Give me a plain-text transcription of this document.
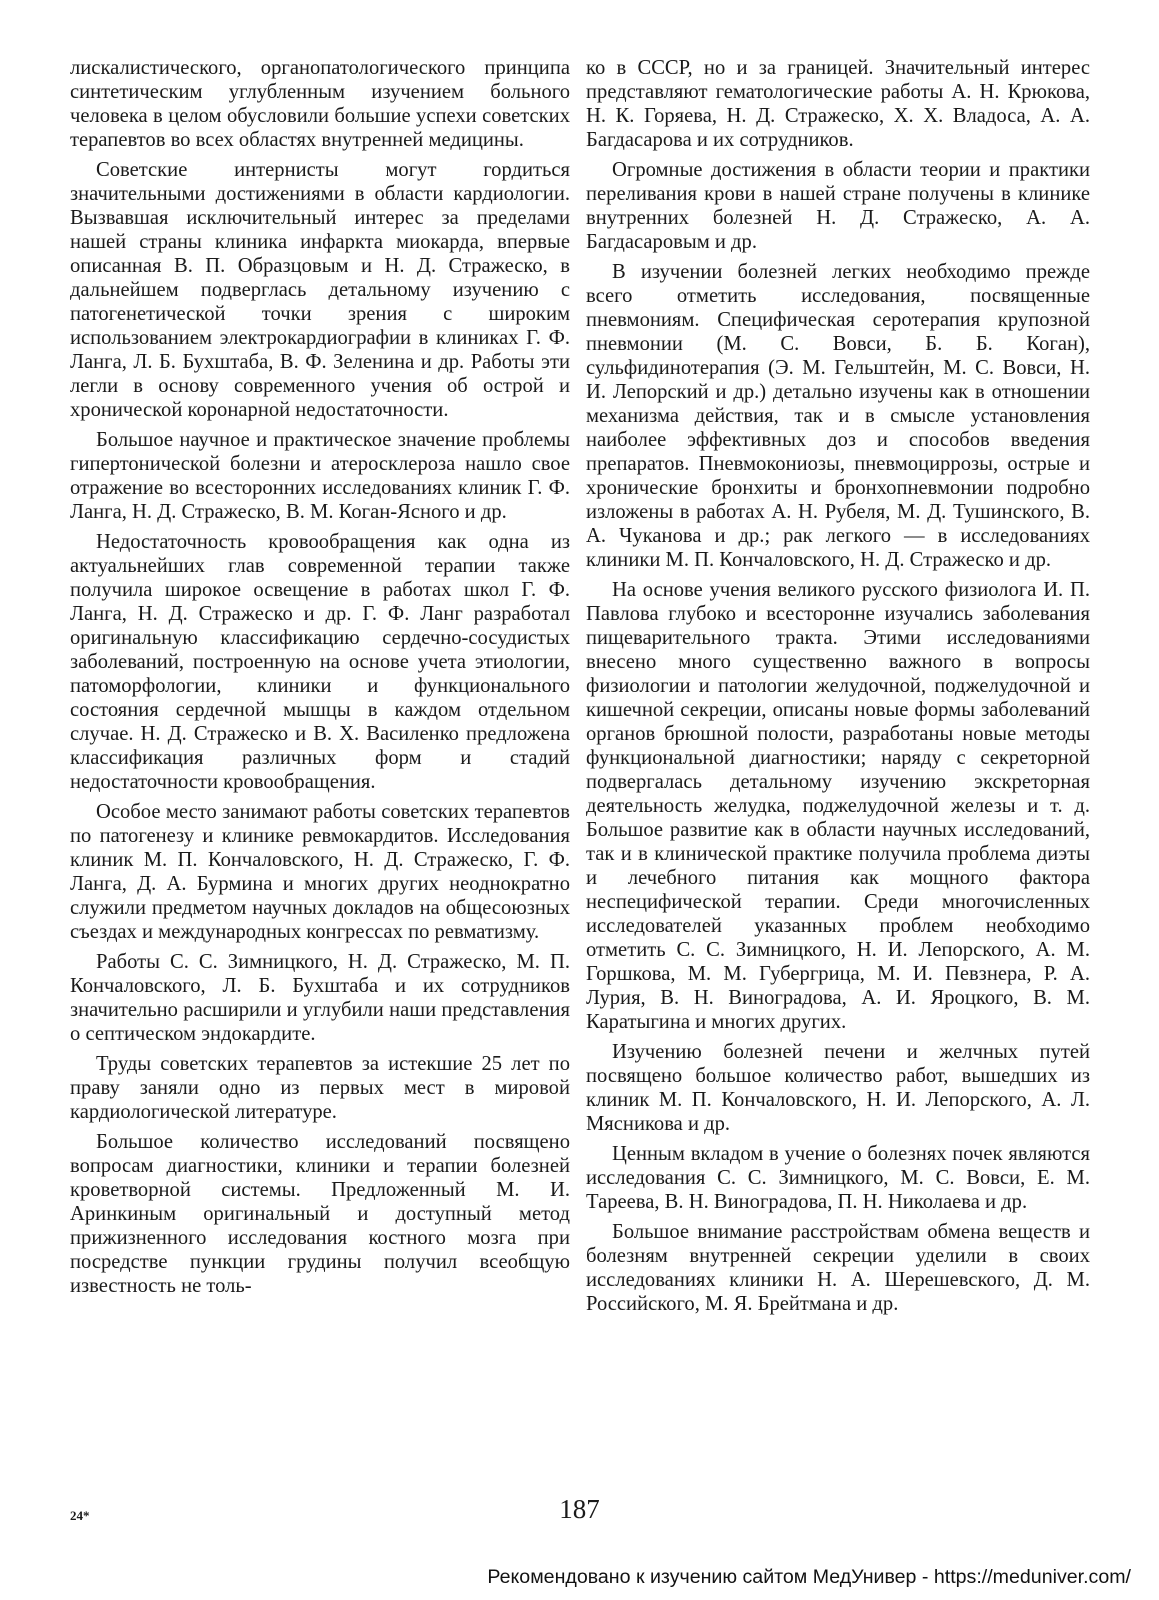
лискалистического, органопатологического принципа синтетическим углубленным изучением больного человека в целом обусловили большие успехи советских терапевтов во всех областях внутренней медицины.

Советские интернисты могут гордиться значительными достижениями в области кардиологии. Вызвавшая исключительный интерес за пределами нашей страны клиника инфаркта миокарда, впервые описанная В. П. Образцовым и Н. Д. Стражеско, в дальнейшем подверглась детальному изучению с патогенетической точки зрения с широким использованием электрокардиографии в клиниках Г. Ф. Ланга, Л. Б. Бухштаба, В. Ф. Зеленина и др. Работы эти легли в основу современного учения об острой и хронической коронарной недостаточности.

Большое научное и практическое значение проблемы гипертонической болезни и атеросклероза нашло свое отражение во всесторонних исследованиях клиник Г. Ф. Ланга, Н. Д. Стражеско, В. М. Коган-Ясного и др.

Недостаточность кровообращения как одна из актуальнейших глав современной терапии также получила широкое освещение в работах школ Г. Ф. Ланга, Н. Д. Стражеско и др. Г. Ф. Ланг разработал оригинальную классификацию сердечно-сосудистых заболеваний, построенную на основе учета этиологии, патоморфологии, клиники и функционального состояния сердечной мышцы в каждом отдельном случае. Н. Д. Стражеско и В. Х. Василенко предложена классификация различных форм и стадий недостаточности кровообращения.

Особое место занимают работы советских терапевтов по патогенезу и клинике ревмокардитов. Исследования клиник М. П. Кончаловского, Н. Д. Стражеско, Г. Ф. Ланга, Д. А. Бурмина и многих других неоднократно служили предметом научных докладов на общесоюзных съездах и международных конгрессах по ревматизму.

Работы С. С. Зимницкого, Н. Д. Стражеско, М. П. Кончаловского, Л. Б. Бухштаба и их сотрудников значительно расширили и углубили наши представления о септическом эндокардите.

Труды советских терапевтов за истекшие 25 лет по праву заняли одно из первых мест в мировой кардиологической литературе.

Большое количество исследований посвящено вопросам диагностики, клиники и терапии болезней кроветворной системы. Предложенный М. И. Аринкиным оригинальный и доступный метод прижизненного исследования костного мозга при посредстве пункции грудины получил всеобщую известность не толь-

ко в СССР, но и за границей. Значительный интерес представляют гематологические работы А. Н. Крюкова, Н. К. Горяева, Н. Д. Стражеско, Х. Х. Владоса, А. А. Багдасарова и их сотрудников.

Огромные достижения в области теории и практики переливания крови в нашей стране получены в клинике внутренних болезней Н. Д. Стражеско, А. А. Багдасаровым и др.

В изучении болезней легких необходимо прежде всего отметить исследования, посвященные пневмониям. Специфическая серотерапия крупозной пневмонии (М. С. Вовси, Б. Б. Коган), сульфидинотерапия (Э. М. Гельштейн, М. С. Вовси, Н. И. Лепорский и др.) детально изучены как в отношении механизма действия, так и в смысле установления наиболее эффективных доз и способов введения препаратов. Пневмокониозы, пневмоциррозы, острые и хронические бронхиты и бронхопневмонии подробно изложены в работах А. Н. Рубеля, М. Д. Тушинского, В. А. Чуканова и др.; рак легкого — в исследованиях клиники М. П. Кончаловского, Н. Д. Стражеско и др.

На основе учения великого русского физиолога И. П. Павлова глубоко и всесторонне изучались заболевания пищеварительного тракта. Этими исследованиями внесено много существенно важного в вопросы физиологии и патологии желудочной, поджелудочной и кишечной секреции, описаны новые формы заболеваний органов брюшной полости, разработаны новые методы функциональной диагностики; наряду с секреторной подвергалась детальному изучению экскреторная деятельность желудка, поджелудочной железы и т. д. Большое развитие как в области научных исследований, так и в клинической практике получила проблема диэты и лечебного питания как мощного фактора неспецифической терапии. Среди многочисленных исследователей указанных проблем необходимо отметить С. С. Зимницкого, Н. И. Лепорского, А. М. Горшкова, М. М. Губергрица, М. И. Певзнера, Р. А. Лурия, В. Н. Виноградова, А. И. Яроцкого, В. М. Каратыгина и многих других.

Изучению болезней печени и желчных путей посвящено большое количество работ, вышедших из клиник М. П. Кончаловского, Н. И. Лепорского, А. Л. Мясникова и др.

Ценным вкладом в учение о болезнях почек являются исследования С. С. Зимницкого, М. С. Вовси, Е. М. Тареева, В. Н. Виноградова, П. Н. Николаева и др.

Большое внимание расстройствам обмена веществ и болезням внутренней секреции уделили в своих исследованиях клиники Н. А. Шерешевского, Д. М. Российского, М. Я. Брейтмана и др.

24*	187
Рекомендовано к изучению сайтом МедУнивер - https://meduniver.com/
